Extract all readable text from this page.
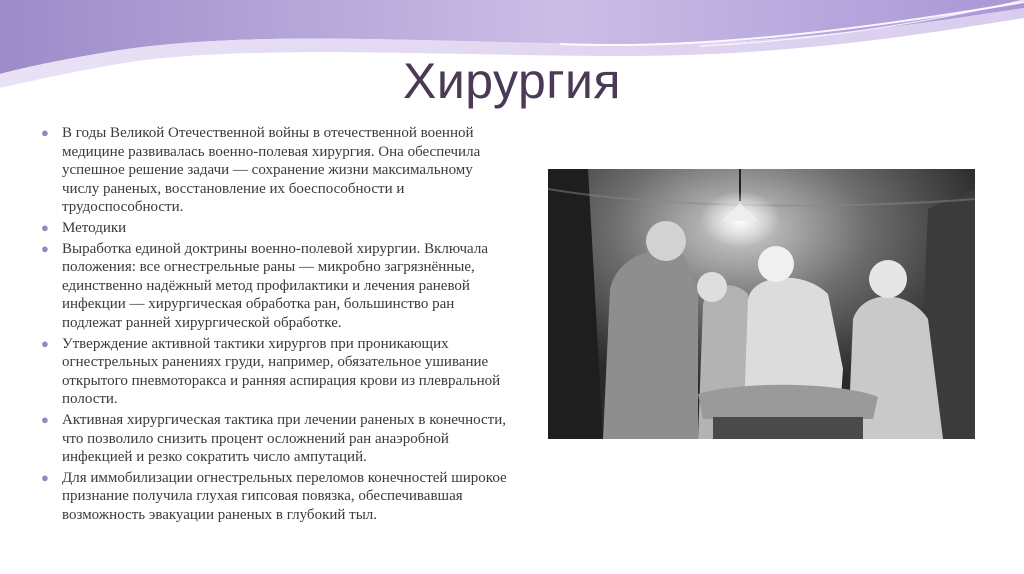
Хирургия
● В годы Великой Отечественной войны в отечественной военной медицине развивалась военно-полевая хирургия. Она обеспечила успешное решение задачи — сохранение жизни максимальному числу раненых, восстановление их боеспособности и трудоспособности.
● Методики
● Выработка единой доктрины военно-полевой хирургии. Включала положения: все огнестрельные раны — микробно загрязнённые, единственно надёжный метод профилактики и лечения раневой инфекции — хирургическая обработка ран, большинство ран подлежат ранней хирургической обработке.
● Утверждение активной тактики хирургов при проникающих огнестрельных ранениях груди, например, обязательное ушивание открытого пневмоторакса и ранняя аспирация крови из плевральной полости.
● Активная хирургическая тактика при лечении раненых в конечности, что позволило снизить процент осложнений ран анаэробной инфекцией и резко сократить число ампутаций.
● Для иммобилизации огнестрельных переломов конечностей широкое признание получила глухая гипсовая повязка, обеспечивавшая возможность эвакуации раненых в глубокий тыл.
